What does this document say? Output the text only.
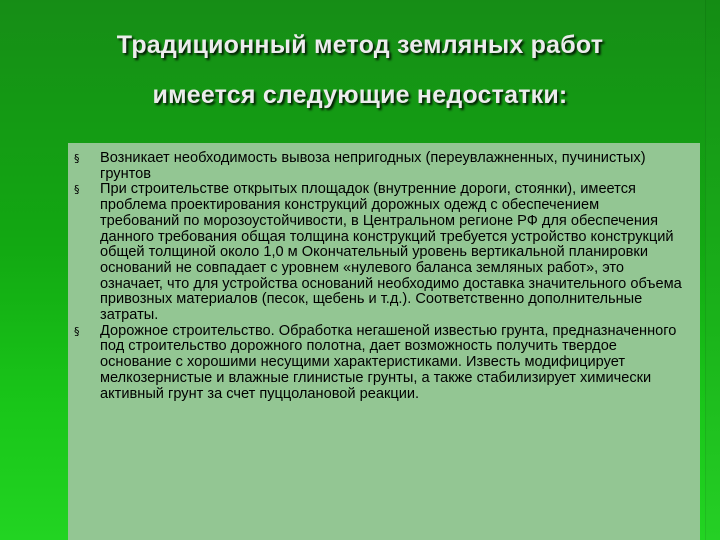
Традиционный метод земляных работ
имеется следующие недостатки:
§	Возникает необходимость вывоза непригодных (переувлажненных, пучинистых) грунтов
§	При строительстве открытых площадок (внутренние дороги, стоянки), имеется проблема проектирования конструкций дорожных одежд с обеспечением требований по морозоустойчивости, в Центральном регионе РФ для обеспечения данного требования общая толщина конструкций требуется устройство конструкций общей толщиной около 1,0 м Окончательный уровень вертикальной планировки оснований не совпадает с уровнем «нулевого баланса земляных работ», это означает, что для устройства оснований необходимо доставка значительного объема привозных материалов (песок, щебень и т.д.). Соответственно дополнительные затраты.
§	Дорожное строительство. Обработка негашеной известью грунта, предназначенного под строительство дорожного полотна, дает возможность получить твердое основание с хорошими несущими характеристиками. Известь модифицирует мелкозернистые и влажные глинистые грунты, а также стабилизирует химически активный грунт за счет пуццолановой реакции.
